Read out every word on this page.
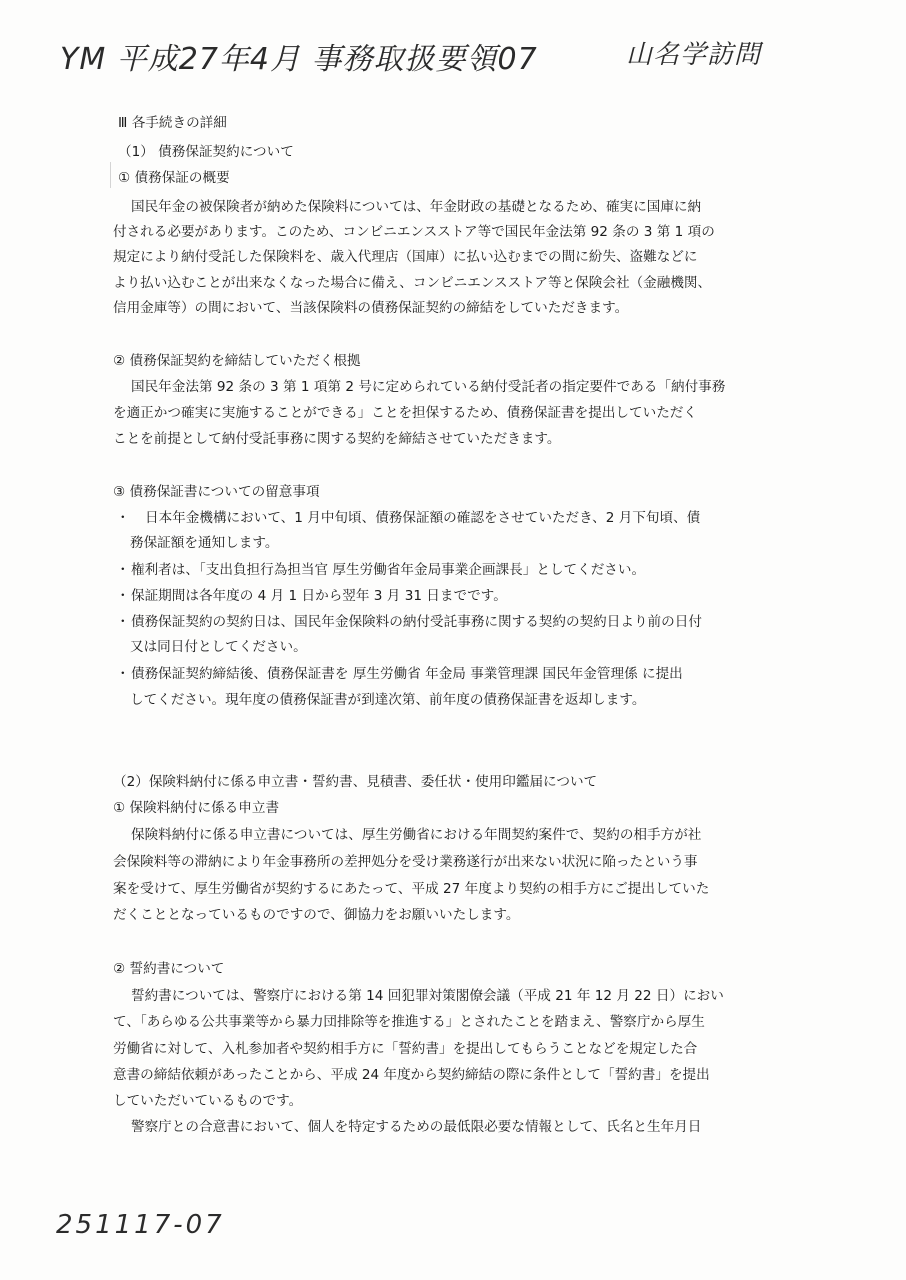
YM 平成27年4月 事務取扱要領07	山名学訪問
Ⅲ 各手続きの詳細
（1） 債務保証契約について
① 債務保証の概要
国民年金の被保険者が納めた保険料については、年金財政の基礎となるため、確実に国庫に納
付される必要があります。このため、コンビニエンスストア等で国民年金法第 92 条の 3 第 1 項の
規定により納付受託した保険料を、歳入代理店（国庫）に払い込むまでの間に紛失、盗難などに
より払い込むことが出来なくなった場合に備え、コンビニエンスストア等と保険会社（金融機関、
信用金庫等）の間において、当該保険料の債務保証契約の締結をしていただきます。
② 債務保証契約を締結していただく根拠
国民年金法第 92 条の 3 第 1 項第 2 号に定められている納付受託者の指定要件である「納付事務
を適正かつ確実に実施することができる」ことを担保するため、債務保証書を提出していただく
ことを前提として納付受託事務に関する契約を締結させていただきます。
③ 債務保証書についての留意事項
・ 日本年金機構において、1 月中旬頃、債務保証額の確認をさせていただき、2 月下旬頃、債
務保証額を通知します。
・ 権利者は、「支出負担行為担当官 厚生労働省年金局事業企画課長」としてください。
・ 保証期間は各年度の 4 月 1 日から翌年 3 月 31 日までです。
・ 債務保証契約の契約日は、国民年金保険料の納付受託事務に関する契約の契約日より前の日付
又は同日付としてください。
・ 債務保証契約締結後、債務保証書を 厚生労働省 年金局 事業管理課 国民年金管理係 に提出
してください。現年度の債務保証書が到達次第、前年度の債務保証書を返却します。
（2）保険料納付に係る申立書・誓約書、見積書、委任状・使用印鑑届について
① 保険料納付に係る申立書
保険料納付に係る申立書については、厚生労働省における年間契約案件で、契約の相手方が社
会保険料等の滞納により年金事務所の差押処分を受け業務遂行が出来ない状況に陥ったという事
案を受けて、厚生労働省が契約するにあたって、平成 27 年度より契約の相手方にご提出していた
だくこととなっているものですので、御協力をお願いいたします。
② 誓約書について
誓約書については、警察庁における第 14 回犯罪対策閣僚会議（平成 21 年 12 月 22 日）におい
て、「あらゆる公共事業等から暴力団排除等を推進する」とされたことを踏まえ、警察庁から厚生
労働省に対して、入札参加者や契約相手方に「誓約書」を提出してもらうことなどを規定した合
意書の締結依頼があったことから、平成 24 年度から契約締結の際に条件として「誓約書」を提出
していただいているものです。
警察庁との合意書において、個人を特定するための最低限必要な情報として、氏名と生年月日
251117-07
